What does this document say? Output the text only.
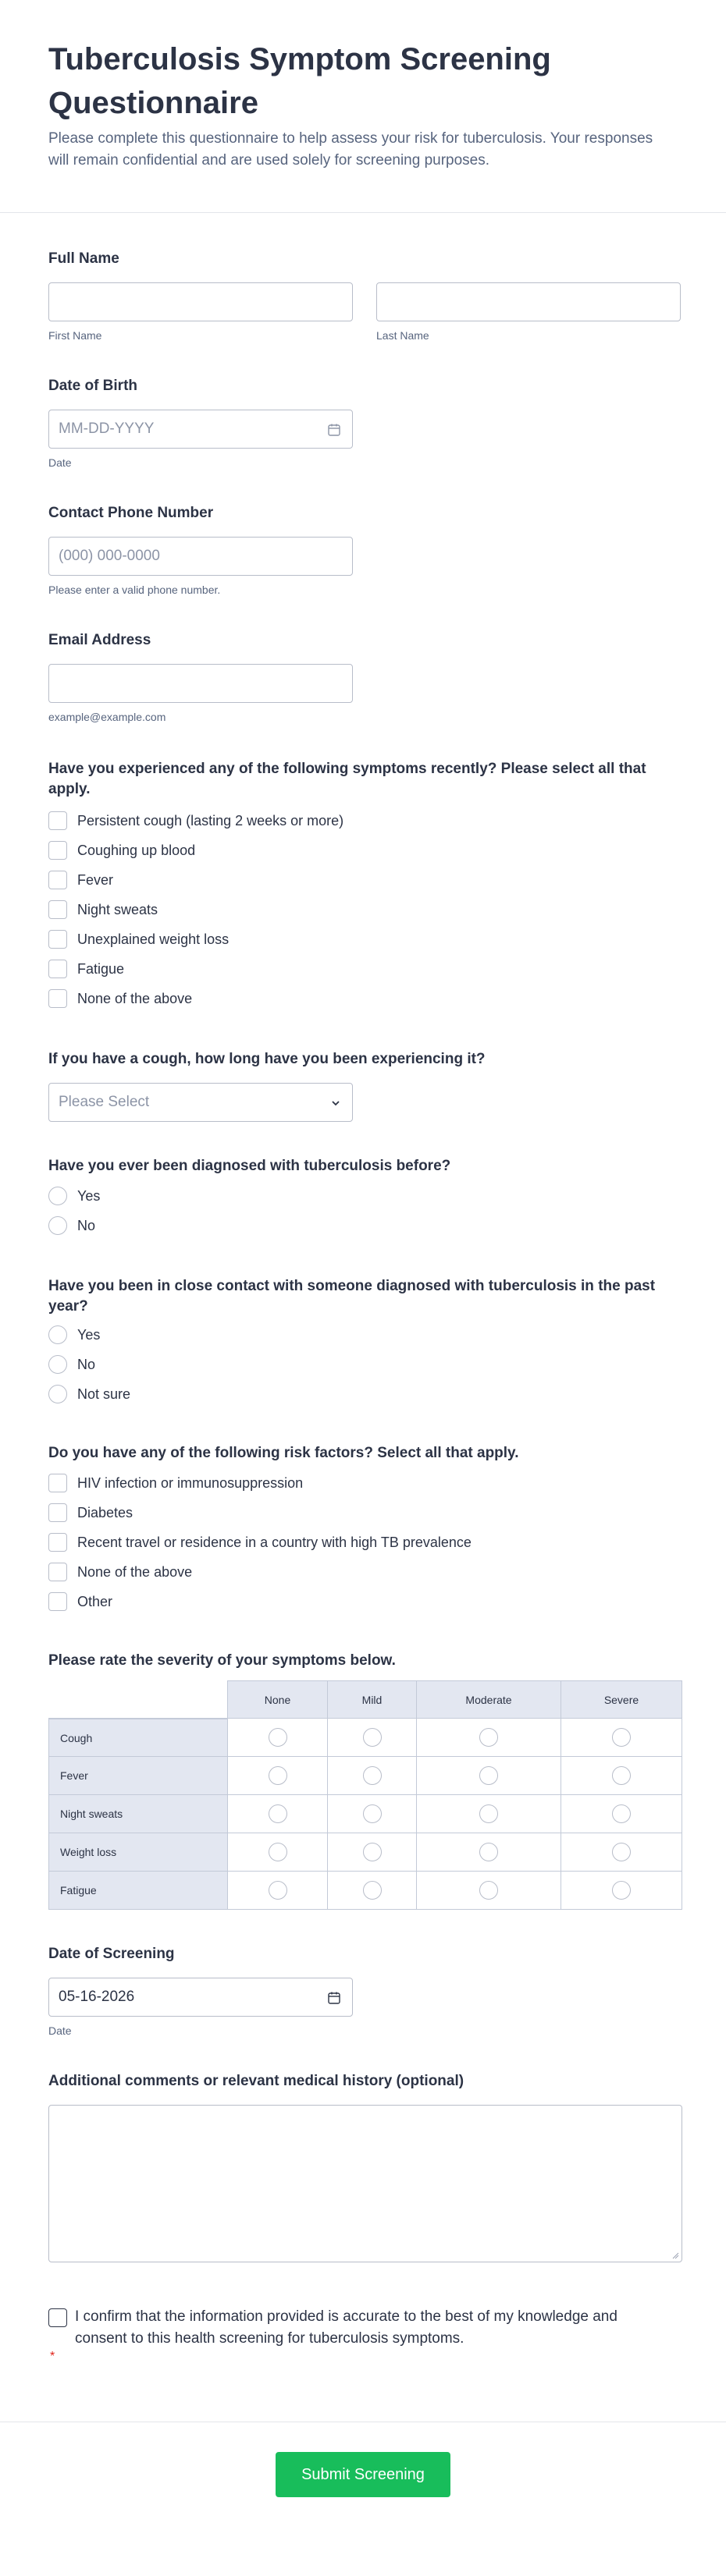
Tuberculosis Symptom Screening Questionnaire
Please complete this questionnaire to help assess your risk for tuberculosis. Your responses will remain confidential and are used solely for screening purposes.
Full Name
First Name	Last Name
Date of Birth
MM-DD-YYYY
Date
Contact Phone Number
(000) 000-0000
Please enter a valid phone number.
Email Address
example@example.com
Have you experienced any of the following symptoms recently? Please select all that apply.
Persistent cough (lasting 2 weeks or more)
Coughing up blood
Fever
Night sweats
Unexplained weight loss
Fatigue
None of the above
If you have a cough, how long have you been experiencing it?
Please Select
Have you ever been diagnosed with tuberculosis before?
Yes
No
Have you been in close contact with someone diagnosed with tuberculosis in the past year?
Yes
No
Not sure
Do you have any of the following risk factors? Select all that apply.
HIV infection or immunosuppression
Diabetes
Recent travel or residence in a country with high TB prevalence
None of the above
Other
Please rate the severity of your symptoms below.
	None	Mild	Moderate	Severe
Cough				
Fever				
Night sweats				
Weight loss				
Fatigue				
Date of Screening
05-16-2026
Date
Additional comments or relevant medical history (optional)
I confirm that the information provided is accurate to the best of my knowledge and consent to this health screening for tuberculosis symptoms.
*
Submit Screening
